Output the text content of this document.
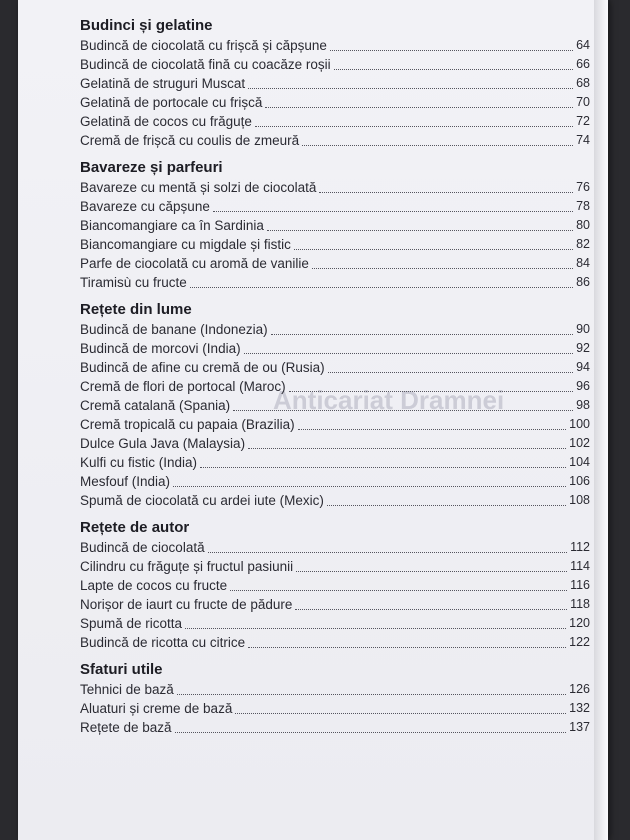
Anticariat Dramnei
Budinci și gelatine
Budincă de ciocolată cu frișcă și căpșune	64
Budincă de ciocolată fină cu coacăze roșii	66
Gelatină de struguri Muscat	68
Gelatină de portocale cu frișcă	70
Gelatină de cocos cu frăguțe	72
Cremă de frișcă cu coulis de zmeură	74
Bavareze și parfeuri
Bavareze cu mentă și solzi de ciocolată	76
Bavareze cu căpșune	78
Biancomangiare ca în Sardinia	80
Biancomangiare cu migdale și fistic	82
Parfe de ciocolată cu aromă de vanilie	84
Tiramisù cu fructe	86
Rețete din lume
Budincă de banane (Indonezia)	90
Budincă de morcovi (India)	92
Budincă de afine cu cremă de ou (Rusia)	94
Cremă de flori de portocal (Maroc)	96
Cremă catalană (Spania)	98
Cremă tropicală cu papaia (Brazilia)	100
Dulce Gula Java (Malaysia)	102
Kulfi cu fistic (India)	104
Mesfouf (India)	106
Spumă de ciocolată cu ardei iute (Mexic)	108
Rețete de autor
Budincă de ciocolată	112
Cilindru cu frăguțe și fructul pasiunii	114
Lapte de cocos cu fructe	116
Norișor de iaurt cu fructe de pădure	118
Spumă de ricotta	120
Budincă de ricotta cu citrice	122
Sfaturi utile
Tehnici de bază	126
Aluaturi și creme de bază	132
Rețete de bază	137
